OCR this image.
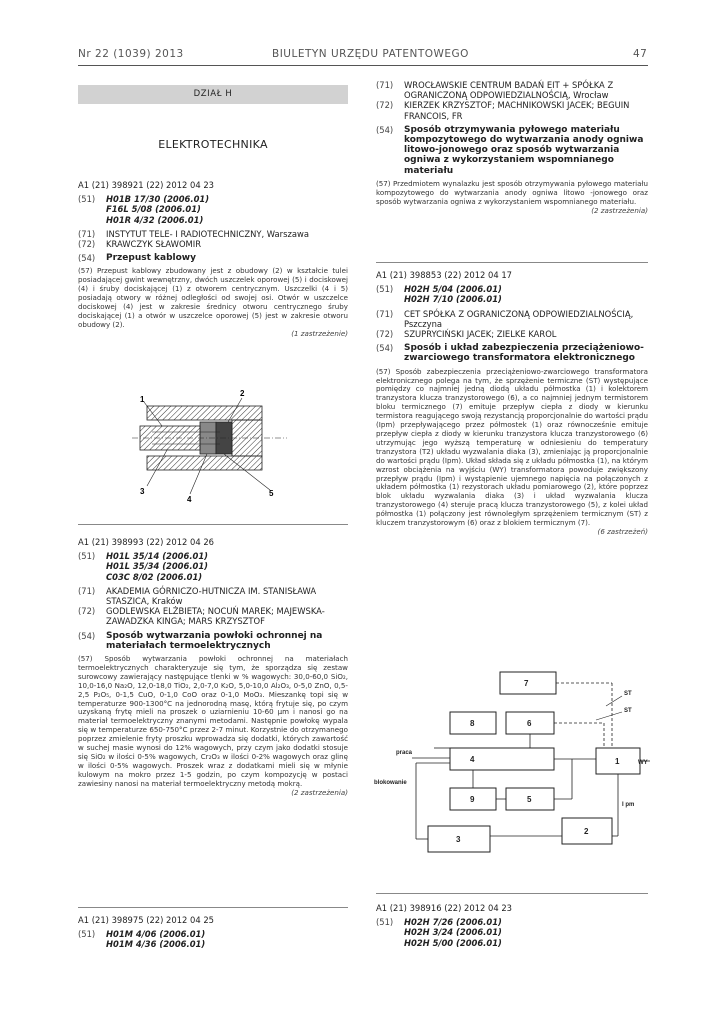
Nr 22 (1039) 2013	BIULETYN URZĘDU PATENTOWEGO	47
DZIAŁ H
ELEKTROTECHNIKA
A1 (21) 398921 (22) 2012 04 23
(51)	H01B 17/30 (2006.01)
F16L 5/08 (2006.01)
H01R 4/32 (2006.01)
(71)	INSTYTUT TELE- I RADIOTECHNICZNY, Warszawa
(72)	KRAWCZYK SŁAWOMIR
(54)	Przepust kablowy
(57) Przepust kablowy zbudowany jest z obudowy (2) w kształcie tulei posiadającej gwint wewnętrzny, dwóch uszczelek oporowej (5) i dociskowej (4) i śruby dociskającej (1) z otworem centrycznym. Uszczelki (4 i 5) posiadają otwory w różnej odległości od swojej osi. Otwór w uszczelce dociskowej (4) jest w zakresie średnicy otworu centrycznego śruby dociskającej (1) a otwór w uszczelce oporowej (5) jest w zakresie otworu obudowy (2).
(1 zastrzeżenie)
1
2
3
4
5
A1 (21) 398993 (22) 2012 04 26
(51)	H01L 35/14 (2006.01)
H01L 35/34 (2006.01)
C03C 8/02 (2006.01)
(71)	AKADEMIA GÓRNICZO-HUTNICZA IM. STANISŁAWA STASZICA, Kraków
(72)	GODLEWSKA ELŻBIETA; NOCUŃ MAREK; MAJEWSKA-ZAWADZKA KINGA; MARS KRZYSZTOF
(54)	Sposób wytwarzania powłoki ochronnej na materiałach termoelektrycznych
(57) Sposób wytwarzania powłoki ochronnej na materiałach termoelektrycznych charakteryzuje się tym, że sporządza się zestaw surowcowy zawierający następujące tlenki w % wagowych: 30,0-60,0 SiO₂, 10,0-16,0 Na₂O, 12,0-18,0 TiO₂, 2,0-7,0 K₂O, 5,0-10,0 Al₂O₃, 0-5,0 ZnO, 0,5-2,5 P₂O₅, 0-1,5 CuO, 0-1,0 CoO oraz 0-1,0 MoO₃. Mieszankę topi się w temperaturze 900-1300°C na jednorodną masę, którą frytuje się, po czym uzyskaną frytę mieli na proszek o uziarnieniu 10-60 μm i nanosi go na materiał termoelektryczny znanymi metodami. Następnie powłokę wypala się w temperaturze 650-750°C przez 2-7 minut. Korzystnie do otrzymanego poprzez zmielenie fryty proszku wprowadza się dodatki, których zawartość w suchej masie wynosi do 12% wagowych, przy czym jako dodatki stosuje się SiO₂ w ilości 0-5% wagowych, Cr₂O₃ w ilości 0-2% wagowych oraz glinę w ilości 0-5% wagowych. Proszek wraz z dodatkami mieli się w młynie kulowym na mokro przez 1-5 godzin, po czym kompozycję w postaci zawiesiny nanosi na materiał termoelektryczny metodą mokrą.
(2 zastrzeżenia)
A1 (21) 398975 (22) 2012 04 25
(51)	H01M 4/06 (2006.01)
H01M 4/36 (2006.01)
(71)	WROCŁAWSKIE CENTRUM BADAŃ EIT + SPÓŁKA Z OGRANICZONĄ ODPOWIEDZIALNOŚCIĄ, Wrocław
(72)	KIERZEK KRZYSZTOF; MACHNIKOWSKI JACEK; BEGUIN FRANCOIS, FR
(54)	Sposób otrzymywania pyłowego materiału kompozytowego do wytwarzania anody ogniwa litowo-jonowego oraz sposób wytwarzania ogniwa z wykorzystaniem wspomnianego materiału
(57) Przedmiotem wynalazku jest sposób otrzymywania pyłowego materiału kompozytowego do wytwarzania anody ogniwa litowo -jonowego oraz sposób wytwarzania ogniwa z wykorzystaniem wspomnianego materiału.
(2 zastrzeżenia)
A1 (21) 398853 (22) 2012 04 17
(51)	H02H 5/04 (2006.01)
H02H 7/10 (2006.01)
(71)	CET SPÓŁKA Z OGRANICZONĄ ODPOWIEDZIALNOŚCIĄ, Pszczyna
(72)	SZUPRYCIŃSKI JACEK; ZIELKE KAROL
(54)	Sposób i układ zabezpieczenia przeciążeniowo-zwarciowego transformatora elektronicznego
(57) Sposób zabezpieczenia przeciążeniowo-zwarciowego transformatora elektronicznego polega na tym, że sprzężenie termiczne (ST) występujące pomiędzy co najmniej jedną diodą układu półmostka (1) i kolektorem tranzystora klucza tranzystorowego (6), a co najmniej jednym termistorem bloku termicznego (7) emituje przepływ ciepła z diody w kierunku termistora reagującego swoją rezystancją proporcjonalnie do wartości prądu (Ipm) przepływającego przez półmostek (1) oraz równocześnie emituje przepływ ciepła z diody w kierunku tranzystora klucza tranzystorowego (6) utrzymując jego wyższą temperaturę w odniesieniu do temperatury tranzystora (T2) układu wyzwalania diaka (3), zmieniając ją proporcjonalnie do wartości prądu (Ipm). Układ składa się z układu półmostka (1), na którym wzrost obciążenia na wyjściu (WY) transformatora powoduje zwiększony przepływ prądu (Ipm) i wystąpienie ujemnego napięcia na połączonych z układem półmostka (1) rezystorach układu pomiarowego (2), które poprzez blok układu wyzwalania diaka (3) i układ wyzwalania klucza tranzystorowego (4) steruje pracą klucza tranzystorowego (5), z kolei układ półmostka (1) połączony jest równoległym sprzężeniem termicznym (ST) z kluczem tranzystorowym (6) oraz z blokiem termicznym (7).
(6 zastrzeżeń)
7
8	6
4
9	5
3
2
1
ST
ST
WY
I pm
praca
blokowanie
A1 (21) 398916 (22) 2012 04 23
(51)	H02H 7/26 (2006.01)
H02H 3/24 (2006.01)
H02H 5/00 (2006.01)
